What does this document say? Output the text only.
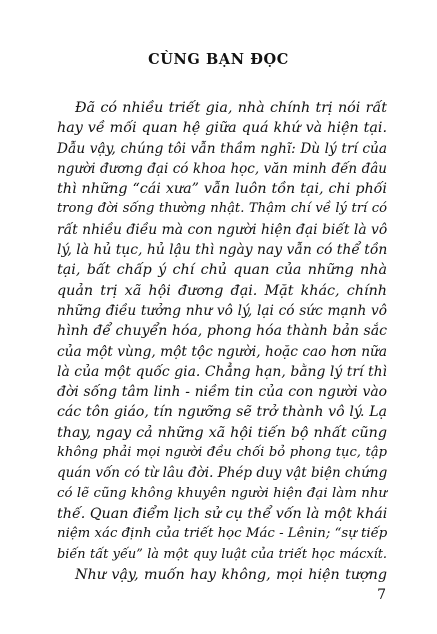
CÙNG BẠN ĐỌC
Đã có nhiều triết gia, nhà chính trị nói rất
hay về mối quan hệ giữa quá khứ và hiện tại.
Dẫu vậy, chúng tôi vẫn thầm nghĩ: Dù lý trí của
người đương đại có khoa học, văn minh đến đâu
thì những “cái xưa” vẫn luôn tồn tại, chi phối
trong đời sống thường nhật. Thậm chí về lý trí có
rất nhiều điều mà con người hiện đại biết là vô
lý, là hủ tục, hủ lậu thì ngày nay vẫn có thể tồn
tại, bất chấp ý chí chủ quan của những nhà
quản trị xã hội đương đại. Mặt khác, chính
những điều tưởng như vô lý, lại có sức mạnh vô
hình để chuyển hóa, phong hóa thành bản sắc
của một vùng, một tộc người, hoặc cao hơn nữa
là của một quốc gia. Chẳng hạn, bằng lý trí thì
đời sống tâm linh - niềm tin của con người vào
các tôn giáo, tín ngưỡng sẽ trở thành vô lý. Lạ
thay, ngay cả những xã hội tiến bộ nhất cũng
không phải mọi người đều chối bỏ phong tục, tập
quán vốn có từ lâu đời. Phép duy vật biện chứng
có lẽ cũng không khuyên người hiện đại làm như
thế. Quan điểm lịch sử cụ thể vốn là một khái
niệm xác định của triết học Mác - Lênin; “sự tiếp
biến tất yếu” là một quy luật của triết học mácxít.
Như vậy, muốn hay không, mọi hiện tượng
7
